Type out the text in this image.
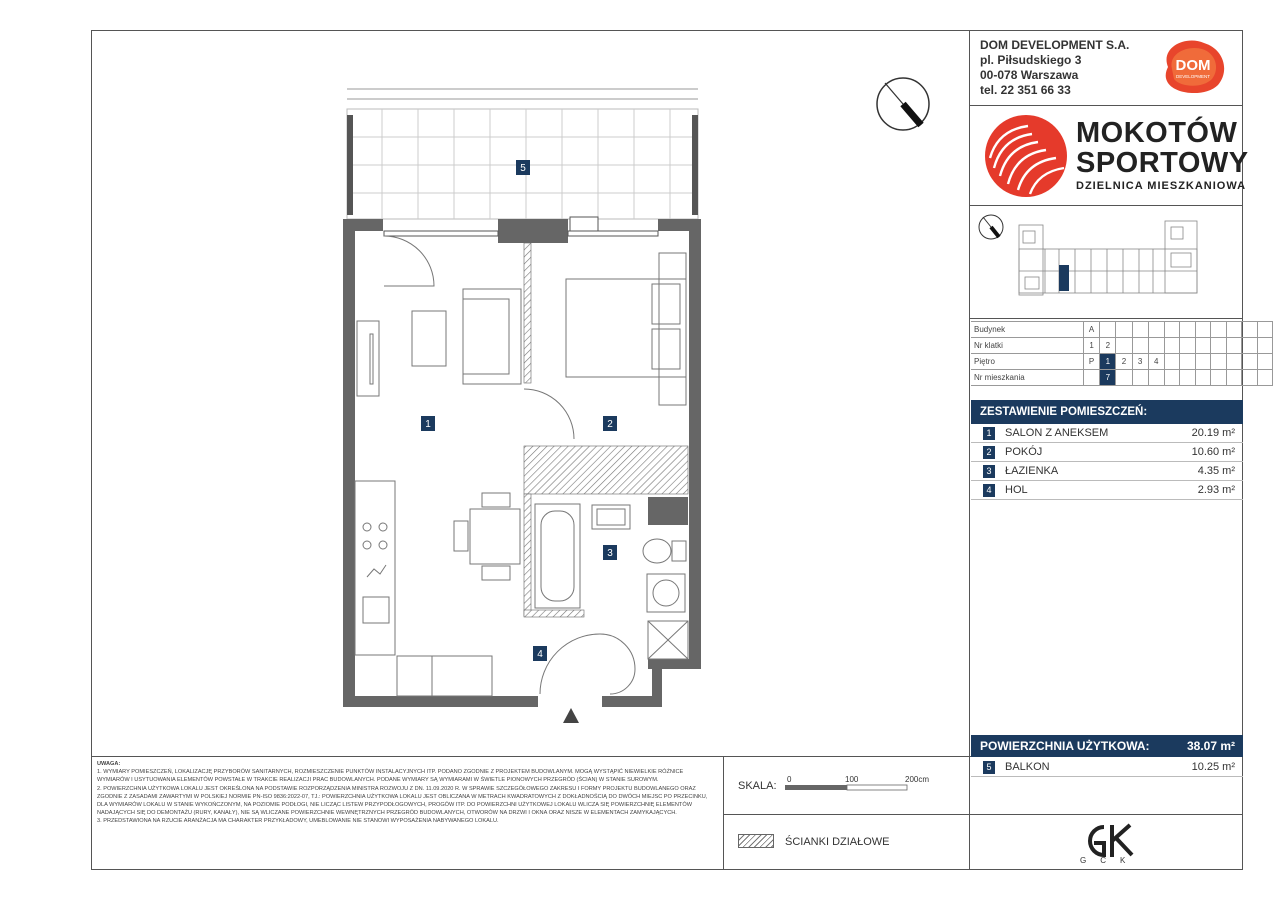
DOM DEVELOPMENT S.A.
pl. Piłsudskiego 3
00-078 Warszawa
tel. 22 351 66 33
DOM
DEVELOPMENT
MOKOTÓW
SPORTOWY
DZIELNICA MIESZKANIOWA
Budynek	A											
Nr klatki	1	2										
Piętro	P	1	2	3	4							
Nr mieszkania		7										
ZESTAWIENIE POMIESZCZEŃ:
1 SALON Z ANEKSEM	20.19 m²
2 POKÓJ	10.60 m²
3 ŁAZIENKA	4.35 m²
4 HOL	2.93 m²
POWIERZCHNIA UŻYTKOWA:	38.07 m²
5 BALKON	10.25 m²
UWAGA:
1. WYMIARY POMIESZCZEŃ, LOKALIZACJĘ PRZYBORÓW SANITARNYCH, ROZMIESZCZENIE PUNKTÓW INSTALACYJNYCH ITP. PODANO ZGODNIE Z PROJEKTEM BUDOWLANYM. MOGĄ WYSTĄPIĆ NIEWIELKIE RÓŻNICE WYMIARÓW I USYTUOWANIA ELEMENTÓW POWSTAŁE W TRAKCIE REALIZACJI PRAC BUDOWLANYCH. PODANE WYMIARY SĄ WYMIARAMI W ŚWIETLE PIONOWYCH PRZEGRÓD (ŚCIAN) W STANIE SUROWYM.
2. POWIERZCHNIA UŻYTKOWA LOKALU JEST OKREŚLONA NA PODSTAWIE ROZPORZĄDZENIA MINISTRA ROZWOJU Z DN. 11.09.2020 R. W SPRAWIE SZCZEGÓŁOWEGO ZAKRESU I FORMY PROJEKTU BUDOWLANEGO ORAZ ZGODNIE Z ZASADAMI ZAWARTYMI W POLSKIEJ NORMIE PN-ISO 9836:2022-07, TJ.: POWIERZCHNIA UŻYTKOWA LOKALU JEST OBLICZANA W METRACH KWADRATOWYCH Z DOKŁADNOŚCIĄ DO DWÓCH MIEJSC PO PRZECINKU, DLA WYMIARÓW LOKALU W STANIE WYKOŃCZONYM, NA POZIOMIE PODŁOGI, NIE LICZĄC LISTEW PRZYPODŁOGOWYCH, PROGÓW ITP. DO POWIERZCHNI UŻYTKOWEJ LOKALU WLICZA SIĘ POWIERZCHNIĘ ELEMENTÓW NADAJĄCYCH SIĘ DO DEMONTAŻU (RURY, KANAŁY), NIE SĄ WLICZANE POWIERZCHNIE WEWNĘTRZNYCH PRZEGRÓD BUDOWLANYCH, OTWORÓW NA DRZWI I OKNA ORAZ NISZE W ELEMENTACH ZAMYKAJĄCYCH.
3. PRZEDSTAWIONA NA RZUCIE ARANŻACJA MA CHARAKTER PRZYKŁADOWY, UMEBLOWANIE NIE STANOWI WYPOSAŻENIA NABYWANEGO LOKALU.
SKALA:
0	100	200cm
ŚCIANKI DZIAŁOWE
GCK
5
1	2
3
4
